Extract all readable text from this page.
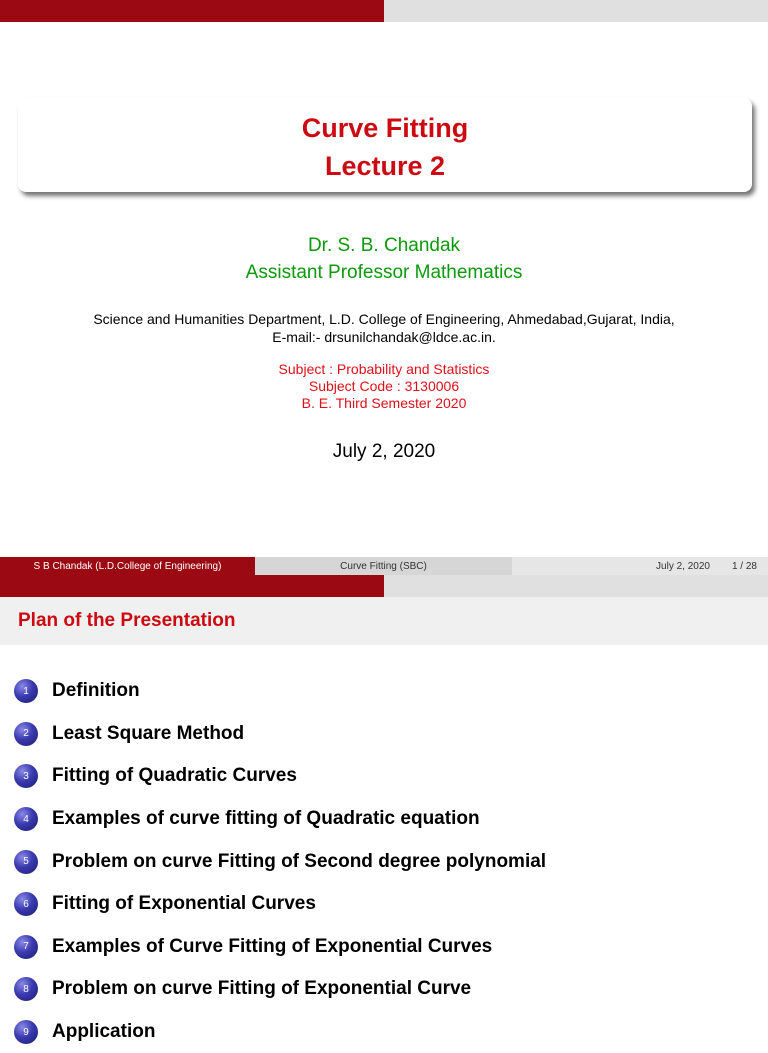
Curve Fitting
Lecture 2
Dr. S. B. Chandak
Assistant Professor Mathematics
Science and Humanities Department, L.D. College of Engineering, Ahmedabad,Gujarat, India,
E-mail:- drsunilchandak@ldce.ac.in.
Subject : Probability and Statistics
Subject Code : 3130006
B. E. Third Semester 2020
July 2, 2020
S B Chandak (L.D.College of Engineering)	Curve Fitting (SBC)	July 2, 2020 1 / 28
Plan of the Presentation
1	Definition
2	Least Square Method
3	Fitting of Quadratic Curves
4	Examples of curve fitting of Quadratic equation
5	Problem on curve Fitting of Second degree polynomial
6	Fitting of Exponential Curves
7	Examples of Curve Fitting of Exponential Curves
8	Problem on curve Fitting of Exponential Curve
9	Application
